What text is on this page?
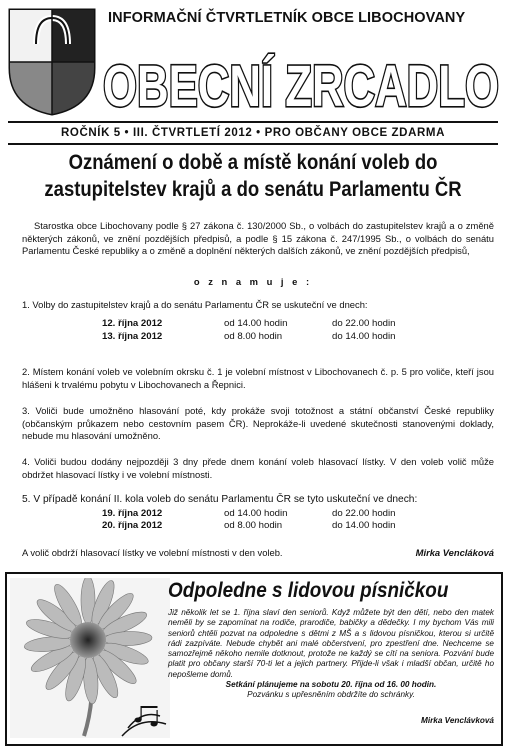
INFORMAČNÍ ČTVRTLETNÍK OBCE LIBOCHOVANY
OBECNÍ ZRCADLO
ROČNÍK 5 • III. ČTVRTLETÍ 2012 • PRO OBČANY OBCE ZDARMA
Oznámení o době a místě konání voleb do
zastupitelstev krajů a do senátu Parlamentu ČR
Starostka obce Libochovany podle § 27 zákona č. 130/2000 Sb., o volbách do zastupitelstev krajů a o změně některých zákonů, ve znění pozdějších předpisů, a podle § 15 zákona č. 247/1995 Sb., o volbách do senátu Parlamentu České republiky a o změně a doplnění některých dalších zákonů, ve znění pozdějších předpisů,
o z n a m u j e :
1. Volby do zastupitelstev krajů a do senátu Parlamentu ČR se uskuteční ve dnech:
12. října 2012	od 14.00 hodin	do 22.00 hodin
13. října 2012	od 8.00 hodin	do 14.00 hodin
2. Místem konání voleb ve volebním okrsku č. 1 je volební místnost v Libochovanech č. p. 5 pro voliče, kteří jsou hlášeni k trvalému pobytu v Libochovanech a Řepnici.
3. Voliči bude umožněno hlasování poté, kdy prokáže svoji totožnost a státní občanství České republiky (občanským průkazem nebo cestovním pasem ČR). Neprokáže-li uvedené skutečnosti stanovenými doklady, nebude mu hlasování umožněno.
4. Voliči budou dodány nejpozději 3 dny přede dnem konání voleb hlasovací lístky. V den voleb volič může obdržet hlasovací lístky i ve volební místnosti.
5. V případě konání II. kola voleb do senátu Parlamentu ČR se tyto uskuteční ve dnech:
19. října 2012	od 14.00 hodin	do 22.00 hodin
20. října 2012	od 8.00 hodin	do 14.00 hodin
A volič obdrží hlasovací lístky ve volební místnosti v den voleb.	Mirka Vencláková
Odpoledne s lidovou písničkou
Již několik let se 1. října slaví den seniorů. Když můžete být den dětí, nebo den matek neměli by se zapomínat na rodiče, prarodiče, babičky a dědečky. I my bychom Vás mili seniorů chtěli pozvat na odpoledne s dětmi z MŠ a s lidovou písničkou, kterou si určitě rádi zazpíváte. Nebude chybět ani malé občerstvení, pro zpestření dne. Nechceme se samozřejmě někoho nemile dotknout, protože ne každý se cítí na seniora. Pozvání bude platit pro občany starší 70-ti let a jejich partnery. Přijde-li však i mladší občan, určitě ho nepošleme domů.
Setkání plánujeme na sobotu 20. října od 16. 00 hodin.
Pozvánku s upřesněním obdržíte do schránky.
Mirka Venclávková
